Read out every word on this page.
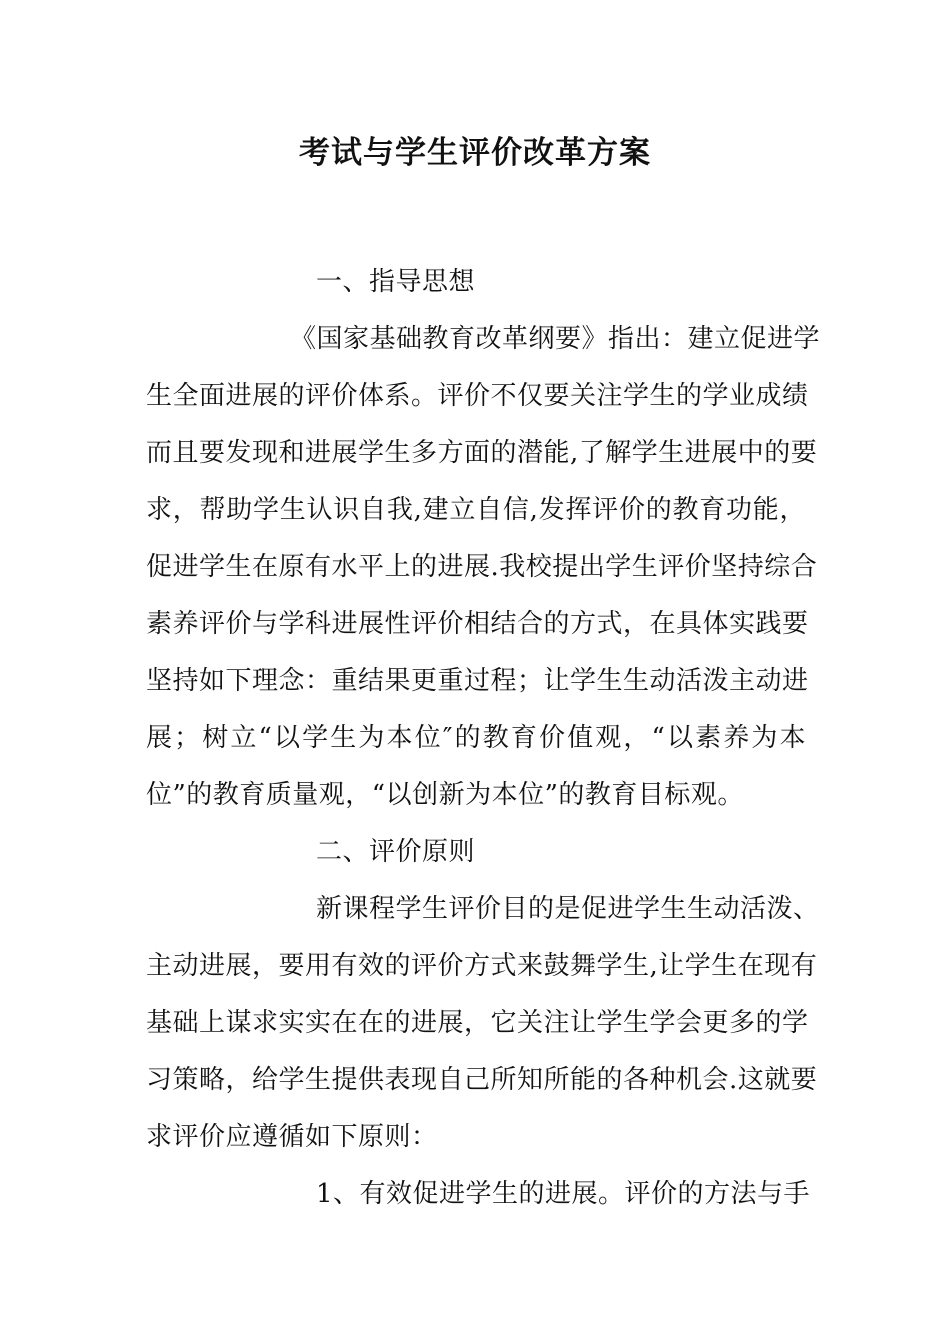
考试与学生评价改革方案
一、指导思想
《国家基础教育改革纲要》指出：建立促进学
生全面进展的评价体系。评价不仅要关注学生的学业成绩
而且要发现和进展学生多方面的潜能,了解学生进展中的要
求，帮助学生认识自我,建立自信,发挥评价的教育功能，
促进学生在原有水平上的进展.我校提出学生评价坚持综合
素养评价与学科进展性评价相结合的方式，在具体实践要
坚持如下理念：重结果更重过程；让学生生动活泼主动进
展；树立“以学生为本位″的教育价值观，“以素养为本
位”的教育质量观，“以创新为本位”的教育目标观。
二、评价原则
新课程学生评价目的是促进学生生动活泼、
主动进展，要用有效的评价方式来鼓舞学生,让学生在现有
基础上谋求实实在在的进展，它关注让学生学会更多的学
习策略，给学生提供表现自己所知所能的各种机会.这就要
求评价应遵循如下原则：
1、有效促进学生的进展。评价的方法与手
